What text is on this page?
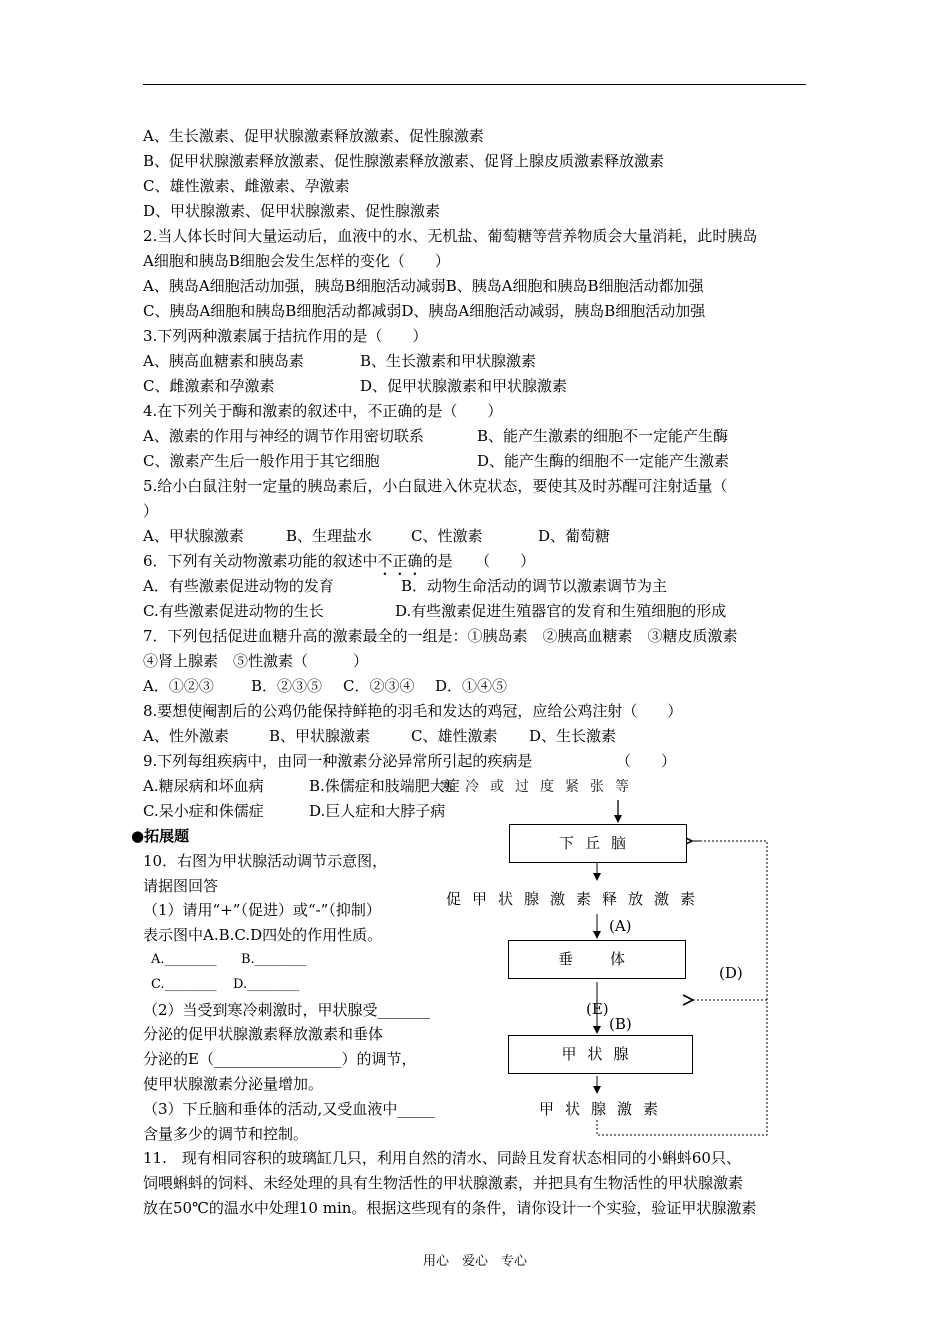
A、生长激素、促甲状腺激素释放激素、促性腺激素
B、促甲状腺激素释放激素、促性腺激素释放激素、促肾上腺皮质激素释放激素
C、雄性激素、雌激素、孕激素
D、甲状腺激素、促甲状腺激素、促性腺激素
2.当人体长时间大量运动后，血液中的水、无机盐、葡萄糖等营养物质会大量消耗，此时胰岛
A细胞和胰岛B细胞会发生怎样的变化（　　）
A、胰岛A细胞活动加强，胰岛B细胞活动减弱B、胰岛A细胞和胰岛B细胞活动都加强
C、胰岛A细胞和胰岛B细胞活动都减弱D、胰岛A细胞活动减弱，胰岛B细胞活动加强
3.下列两种激素属于拮抗作用的是（　　）
A、胰高血糖素和胰岛素	B、生长激素和甲状腺激素
C、雌激素和孕激素	D、促甲状腺激素和甲状腺激素
4.在下列关于酶和激素的叙述中，不正确的是（　　）
A、激素的作用与神经的调节作用密切联系	B、能产生激素的细胞不一定能产生酶
C、激素产生后一般作用于其它细胞	D、能产生酶的细胞不一定能产生激素
5.给小白鼠注射一定量的胰岛素后，小白鼠进入休克状态，要使其及时苏醒可注射适量（
）
A、甲状腺激素	B、生理盐水	C、性激素	D、葡萄糖
6．下列有关动物激素功能的叙述中不正确的是　　（　　）
A．有些激素促进动物的发育	B．动物生命活动的调节以激素调节为主
C.有些激素促进动物的生长	D.有些激素促进生殖器官的发育和生殖细胞的形成
7．下列包括促进血糖升高的激素最全的一组是：①胰岛素　②胰高血糖素　③糖皮质激素
④肾上腺素　⑤性激素（　　　）
A．①②③ B．②③⑤ C．②③④ D．①④⑤
8.要想使阉割后的公鸡仍能保持鲜艳的羽毛和发达的鸡冠，应给公鸡注射（　　）
A、性外激素	B、甲状腺激素	C、雄性激素 D、生长激素
9.下列每组疾病中，由同一种激素分泌异常所引起的疾病是	（　　）
A.糖尿病和坏血病	B.侏儒症和肢端肥大症
C.呆小症和侏儒症	D.巨人症和大脖子病
●拓展题
10．右图为甲状腺活动调节示意图，
请据图回答
（1）请用“+”（促进）或“-”（抑制）
表示图中A.B.C.D四处的作用性质。
A.________ B.________
C.________ D.________
（2）当受到寒冷刺激时，甲状腺受_______
分泌的促甲状腺激素释放激素和垂体
分泌的E（_________________）的调节，
使甲状腺激素分泌量增加。
（3）下丘脑和垂体的活动,又受血液中_____
含量多少的调节和控制。
寒冷或过度紧张等
下丘脑
促甲状腺激素释放激素
(A)
垂　体
(D)
(E)
(B)
甲状腺
甲状腺激素
11.　现有相同容积的玻璃缸几只，利用自然的清水、同龄且发育状态相同的小蝌蚪60只、
饲喂蝌蚪的饲料、未经处理的具有生物活性的甲状腺激素，并把具有生物活性的甲状腺激素
放在50℃的温水中处理10 min。根据这些现有的条件，请你设计一个实验，验证甲状腺激素
用心　爱心　专心
